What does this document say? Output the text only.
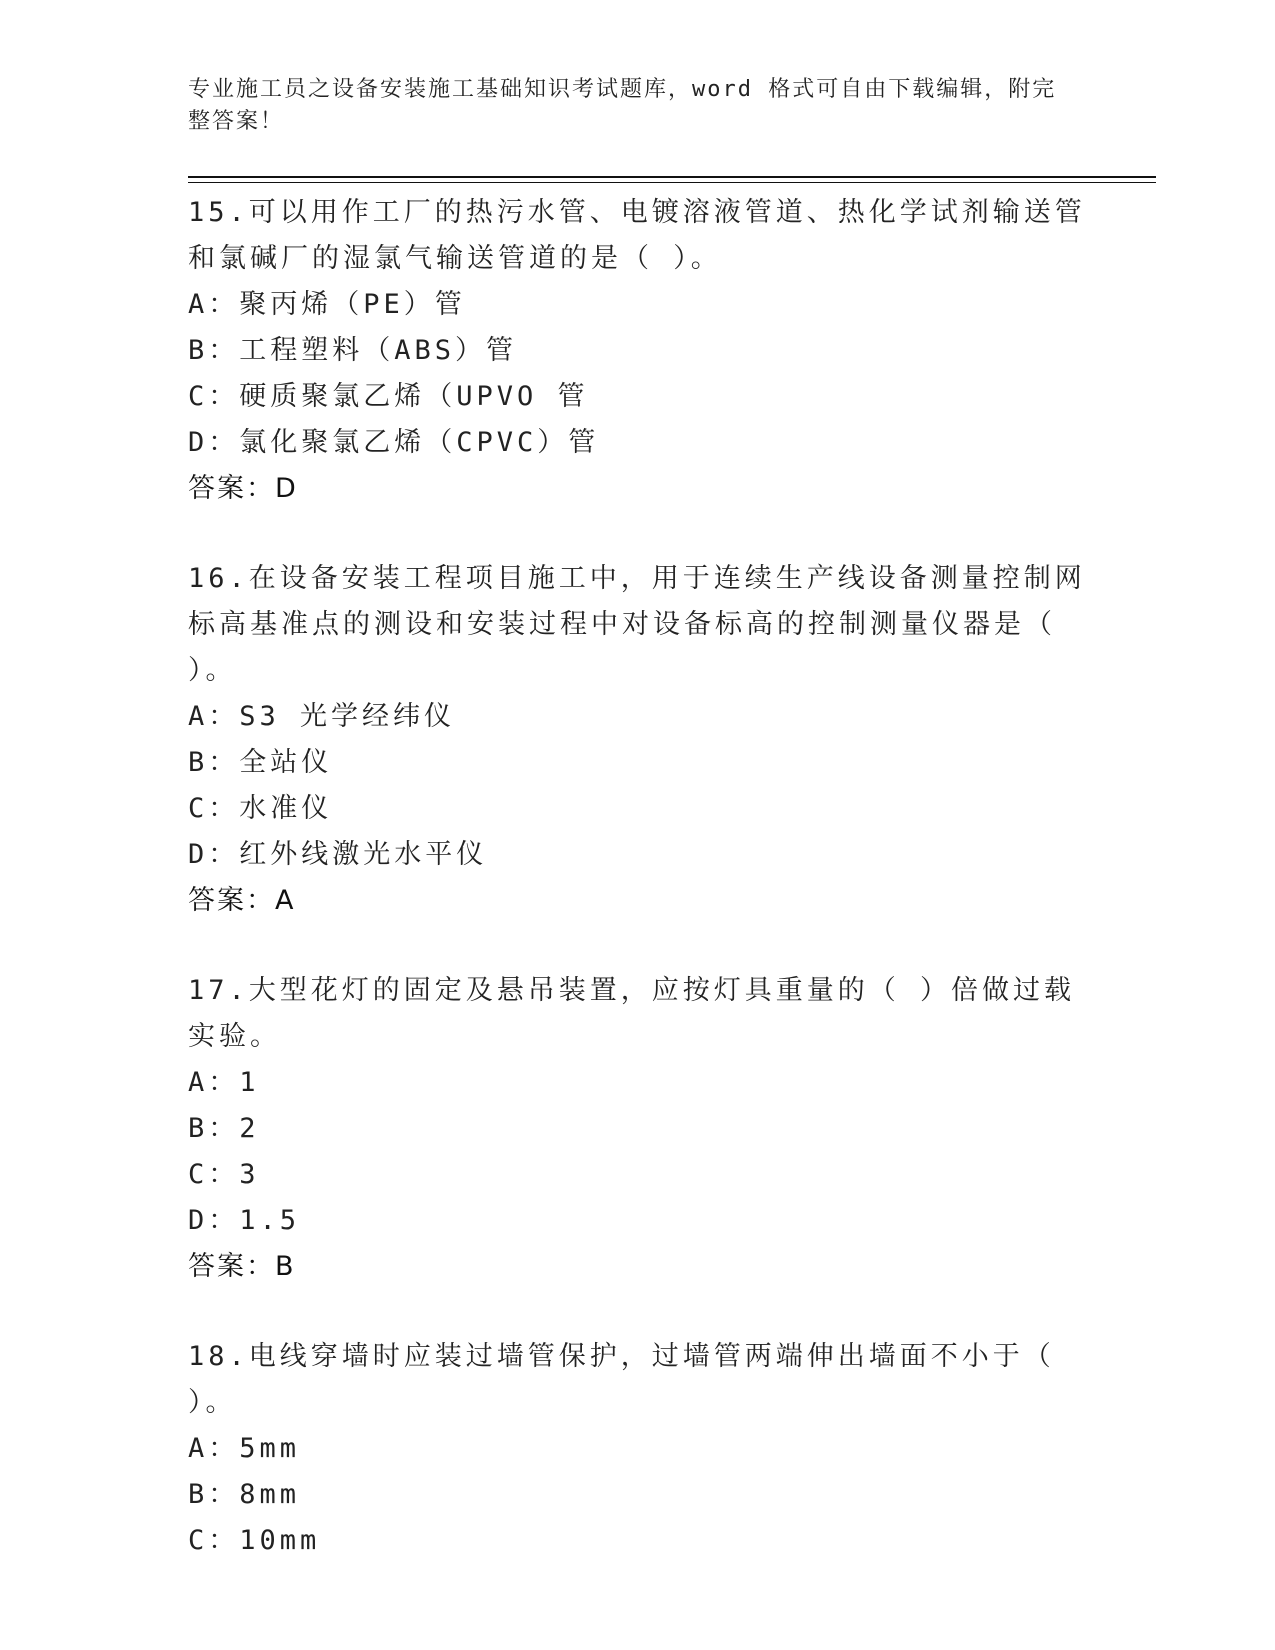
专业施工员之设备安装施工基础知识考试题库，word 格式可自由下载编辑，附完整答案！
15.可以用作工厂的热污水管、电镀溶液管道、热化学试剂输送管和氯碱厂的湿氯气输送管道的是（ ）。
A：聚丙烯（PE）管
B：工程塑料（ABS）管
C：硬质聚氯乙烯（UPVO 管
D：氯化聚氯乙烯（CPVC）管
答案：D
16.在设备安装工程项目施工中，用于连续生产线设备测量控制网标高基准点的测设和安装过程中对设备标高的控制测量仪器是（ ）。
A：S3 光学经纬仪
B：全站仪
C：水准仪
D：红外线激光水平仪
答案：A
17.大型花灯的固定及悬吊装置，应按灯具重量的（ ）倍做过载实验。
A：1
B：2
C：3
D：1.5
答案：B
18.电线穿墙时应装过墙管保护，过墙管两端伸出墙面不小于（ ）。
A：5mm
B：8mm
C：10mm
